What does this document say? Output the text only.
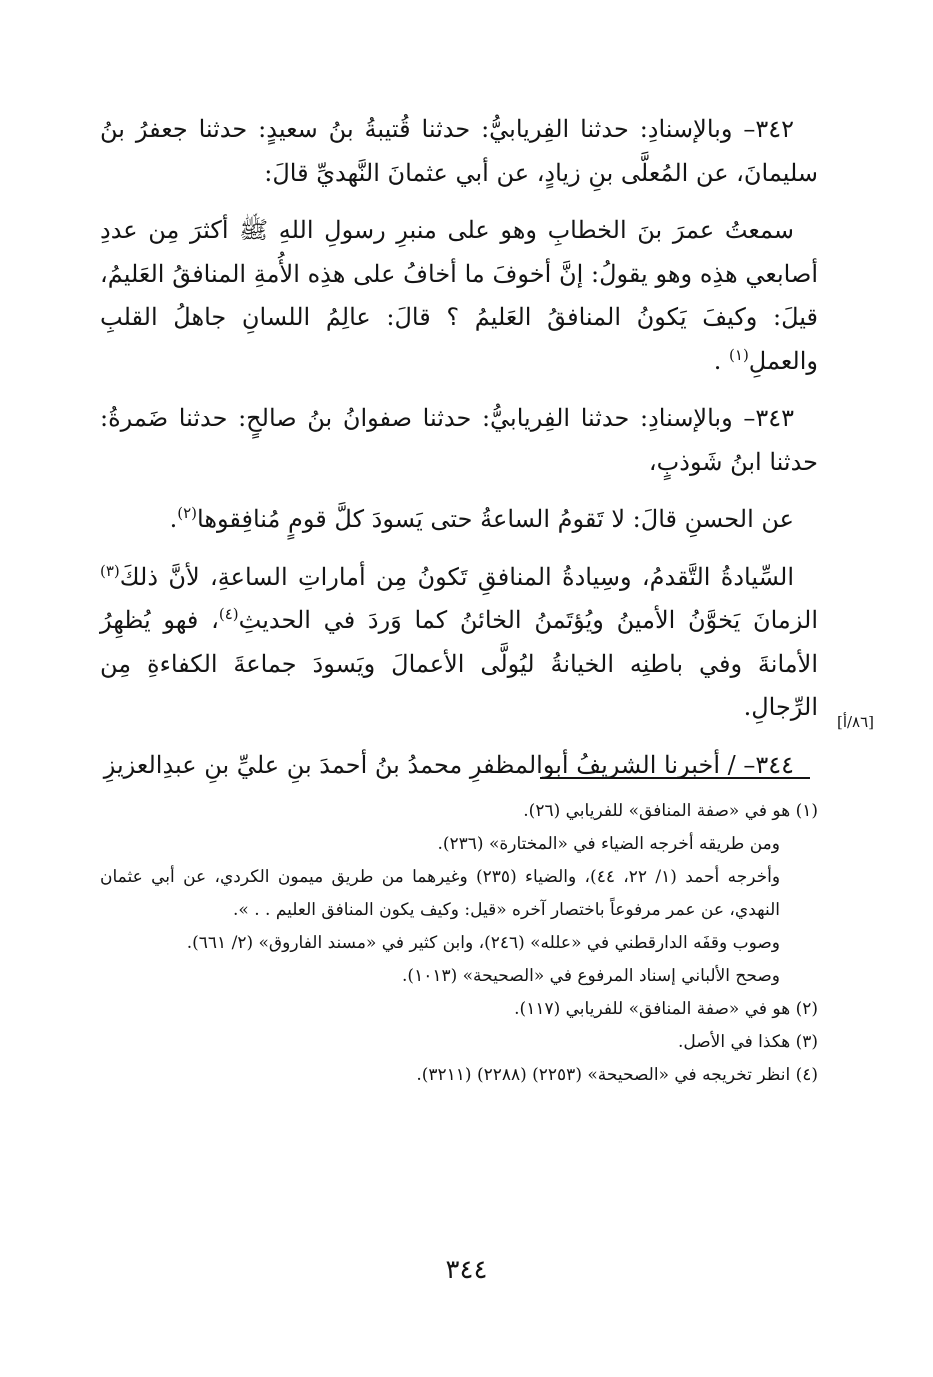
٣٤٢– وبالإسنادِ: حدثنا الفِريابيُّ: حدثنا قُتيبةُ بنُ سعيدٍ: حدثنا جعفرُ بنُ سليمانَ، عن المُعلَّى بنِ زيادٍ، عن أبي عثمانَ النَّهديِّ قالَ:

سمعتُ عمرَ بنَ الخطابِ وهو على منبرِ رسولِ اللهِ ﷺ أكثرَ مِن عددِ أصابعي هذِه وهو يقولُ: إنَّ أخوفَ ما أخافُ على هذِه الأُمةِ المنافقُ العَليمُ، قيلَ: وكيفَ يَكونُ المنافقُ العَليمُ ؟ قالَ: عالِمُ اللسانِ جاهلُ القلبِ والعملِ$^{(١)}$ .

٣٤٣– وبالإسنادِ: حدثنا الفِريابيُّ: حدثنا صفوانُ بنُ صالحٍ: حدثنا ضَمرةُ: حدثنا ابنُ شَوذبٍ،

عن الحسنِ قالَ: لا تَقومُ الساعةُ حتى يَسودَ كلَّ قومٍ مُنافِقوها$^{(٢)}$.

السِّيادةُ التَّقدمُ، وسِيادةُ المنافقِ تَكونُ مِن أماراتِ الساعةِ، لأنَّ ذلكَ$^{(٣)}$ الزمانَ يَخوَّنُ الأمينُ ويُؤتَمنُ الخائنُ كما وَردَ في الحديثِ$^{(٤)}$، فهو يُظهِرُ الأمانةَ وفي باطنِه الخيانةُ ليُولَّى الأعمالَ ويَسودَ جماعةَ الكفاءةِ مِن الرِّجالِ.

٣٤٤– / أخبرنا الشريفُ أبوالمظفرِ محمدُ بنُ أحمدَ بنِ عليِّ بنِ عبدِالعزيزِ

[٨٦/أ]

(١) هو في «صفة المنافق» للفريابي (٢٦).

ومن طريقه أخرجه الضياء في «المختارة» (٢٣٦).

وأخرجه أحمد (١/ ٢٢، ٤٤)، والضياء (٢٣٥) وغيرهما من طريق ميمون الكردي، عن أبي عثمان النهدي، عن عمر مرفوعاً باختصار آخره «قيل: وكيف يكون المنافق العليم . . ».

وصوب وقفَه الدارقطني في «علله» (٢٤٦)، وابن كثير في «مسند الفاروق» (٢/ ٦٦١).

وصحح الألباني إسناد المرفوع في «الصحيحة» (١٠١٣).

(٢) هو في «صفة المنافق» للفريابي (١١٧).

(٣) هكذا في الأصل.

(٤) انظر تخريجه في «الصحيحة» (٢٢٥٣) (٢٢٨٨) (٣٢١١).

٣٤٤
